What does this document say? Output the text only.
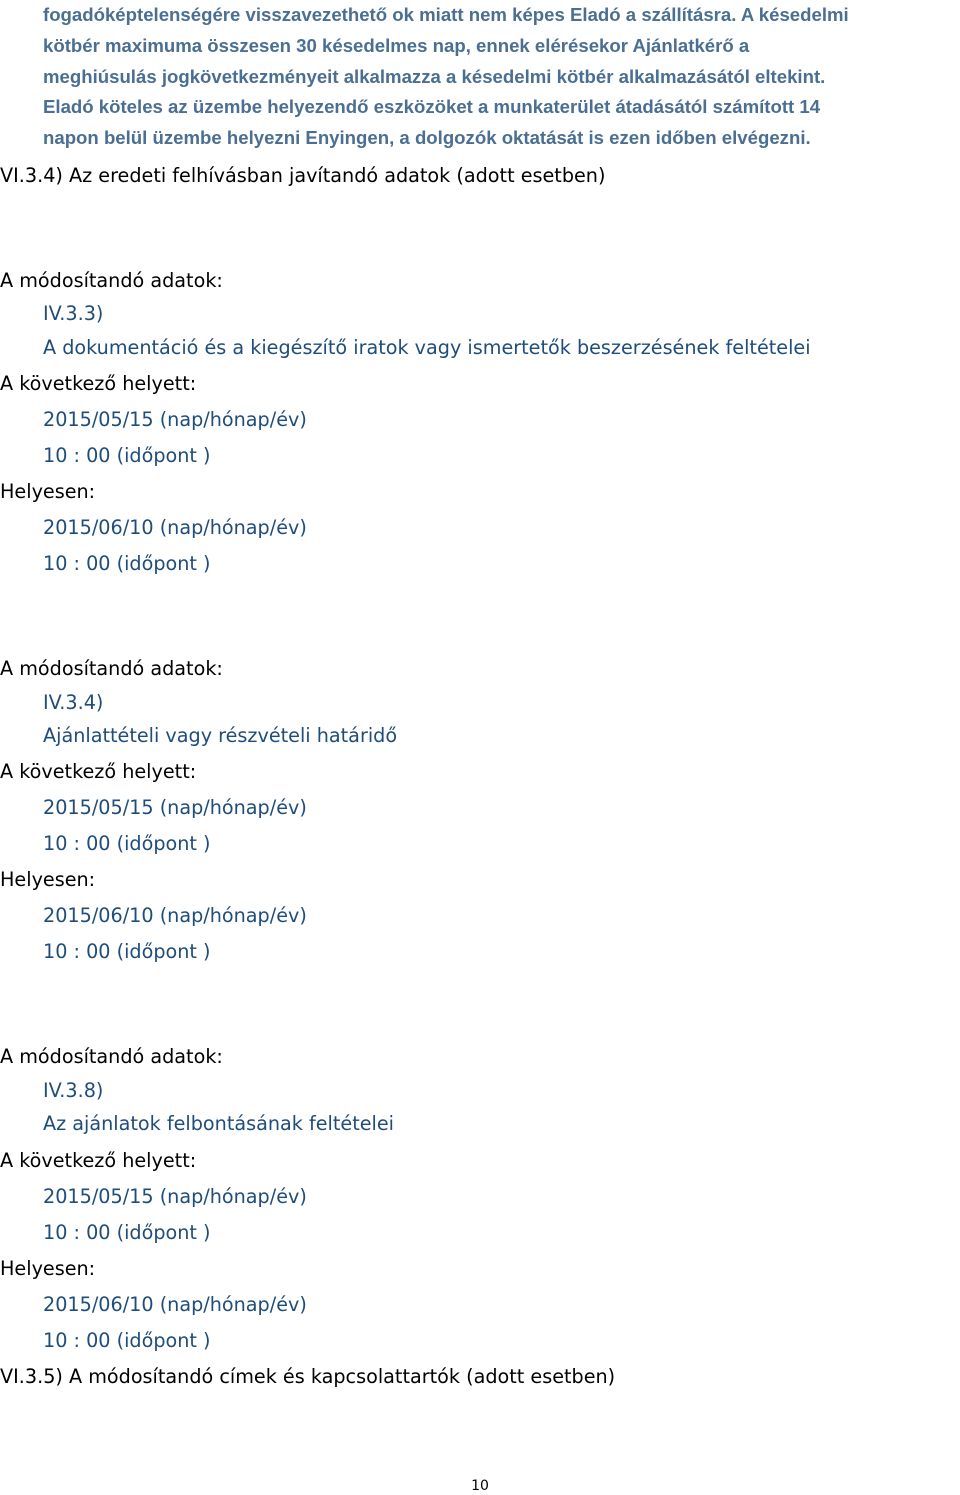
fogadóképtelenségére visszavezethető ok miatt nem képes Eladó a szállításra. A késedelmi
kötbér maximuma összesen 30 késedelmes nap, ennek elérésekor Ajánlatkérő a
meghiúsulás jogkövetkezményeit alkalmazza a késedelmi kötbér alkalmazásától eltekint.
Eladó köteles az üzembe helyezendő eszközöket a munkaterület átadásától számított 14
napon belül üzembe helyezni Enyingen, a dolgozók oktatását is ezen időben elvégezni.

VI.3.4) Az eredeti felhívásban javítandó adatok (adott esetben)
A módosítandó adatok:
IV.3.3)
A dokumentáció és a kiegészítő iratok vagy ismertetők beszerzésének feltételei
A következő helyett:
2015/05/15 (nap/hónap/év)
10 : 00 (időpont )
Helyesen:
2015/06/10 (nap/hónap/év)
10 : 00 (időpont )
A módosítandó adatok:
IV.3.4)
Ajánlattételi vagy részvételi határidő
A következő helyett:
2015/05/15 (nap/hónap/év)
10 : 00 (időpont )
Helyesen:
2015/06/10 (nap/hónap/év)
10 : 00 (időpont )
A módosítandó adatok:
IV.3.8)
Az ajánlatok felbontásának feltételei
A következő helyett:
2015/05/15 (nap/hónap/év)
10 : 00 (időpont )
Helyesen:
2015/06/10 (nap/hónap/év)
10 : 00 (időpont )
VI.3.5) A módosítandó címek és kapcsolattartók (adott esetben)
10
